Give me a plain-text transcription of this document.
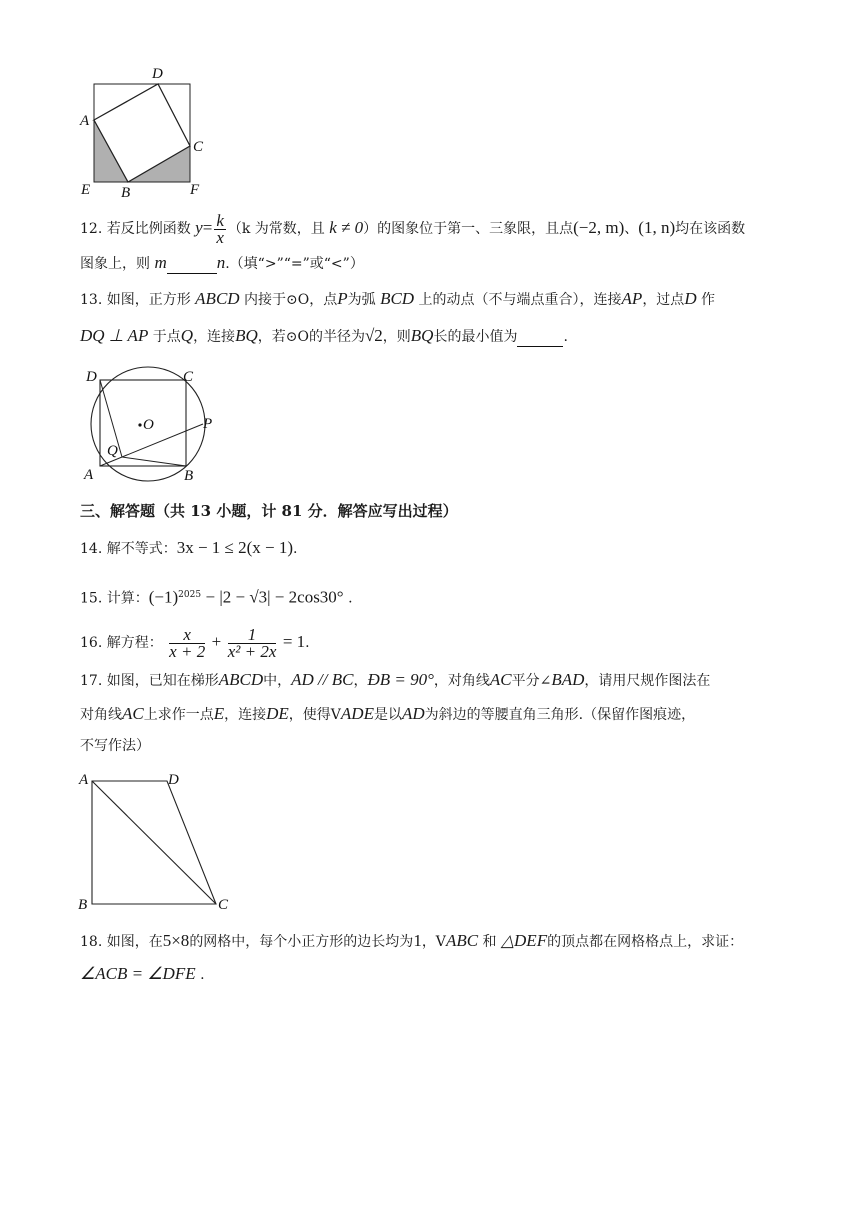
D
A
C
E B	F
12. 若反比例函数 $y= \frac{k}{x} (k$ 为常数，且 k ≠ 0）的图象位于第一、三象限，且点(−2, m)、(1, n)均在该函数
图象上，则 m	n.（填“>”“=”或“<”）
13. 如图，正方形 ABCD 内接于⊙O，点P为弧 BCD 上的动点（不与端点重合），连接AP，过点D 作
DQ ⊥ AP 于点Q，连接BQ，若⊙O的半径为√2，则BQ长的最小值为	.
D	C
O	P
Q
A	B
三、解答题（共 13 小题，计 81 分．解答应写出过程）
14. 解不等式：3x − 1 ≤ 2(x − 1).
15. 计算：$(-1)^{2025} - |2 - √3| - 2\cos 30^\circ$ .
16. 解方程： $\frac{x}{x + 2} + \frac{1}{\text{x² + 2x}} = 1$.
17. 如图，已知在梯形ABCD中，AD // BC，ÐB = 90°，对角线AC平分∠BAD，请用尺规作图法在
对角线AC上求作一点E，连接DE，使得VADE是以AD为斜边的等腰直角三角形.（保留作图痕迹，
不写作法）
A	D
B	C
18. 如图，在5×8的网格中，每个小正方形的边长均为1，VABC 和 △DEF的顶点都在网格格点上，求证：
∠ACB = ∠DFE .
